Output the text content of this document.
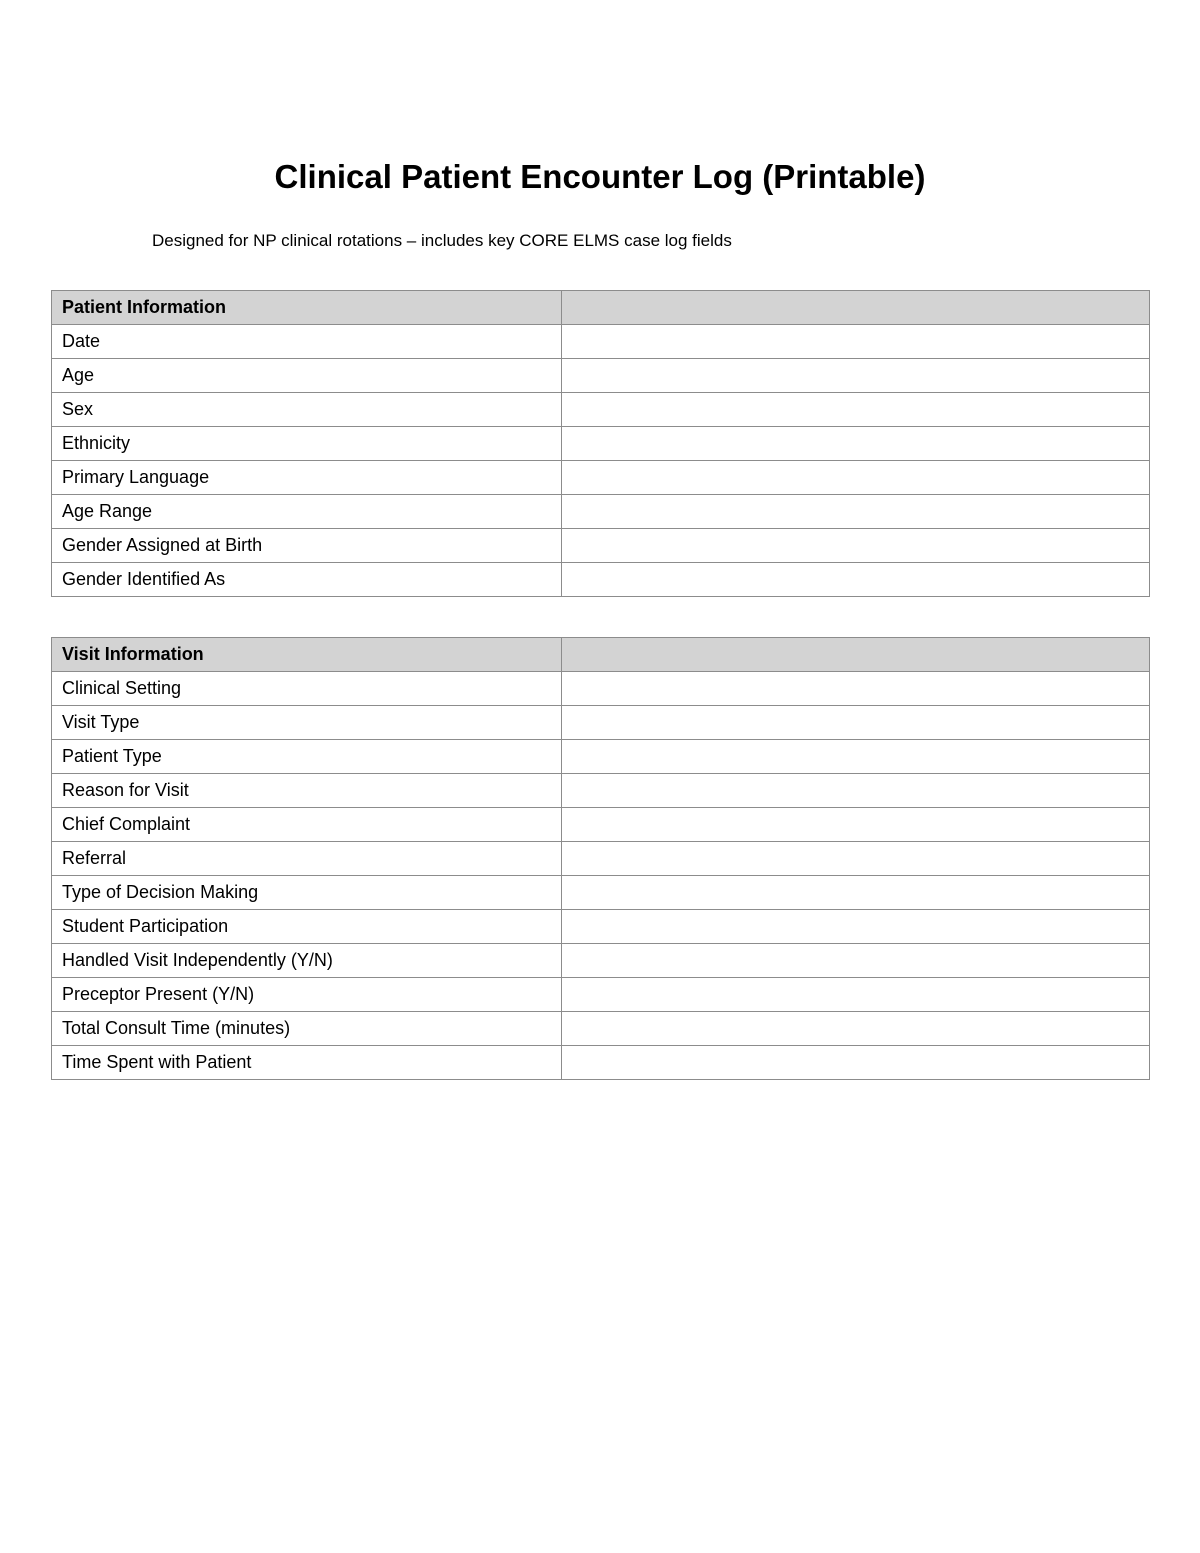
Clinical Patient Encounter Log (Printable)

Designed for NP clinical rotations – includes key CORE ELMS case log fields

Patient Information	
Date	
Age	
Sex	
Ethnicity	
Primary Language	
Age Range	
Gender Assigned at Birth	
Gender Identified As	
Visit Information	
Clinical Setting	
Visit Type	
Patient Type	
Reason for Visit	
Chief Complaint	
Referral	
Type of Decision Making	
Student Participation	
Handled Visit Independently (Y/N)	
Preceptor Present (Y/N)	
Total Consult Time (minutes)	
Time Spent with Patient	
